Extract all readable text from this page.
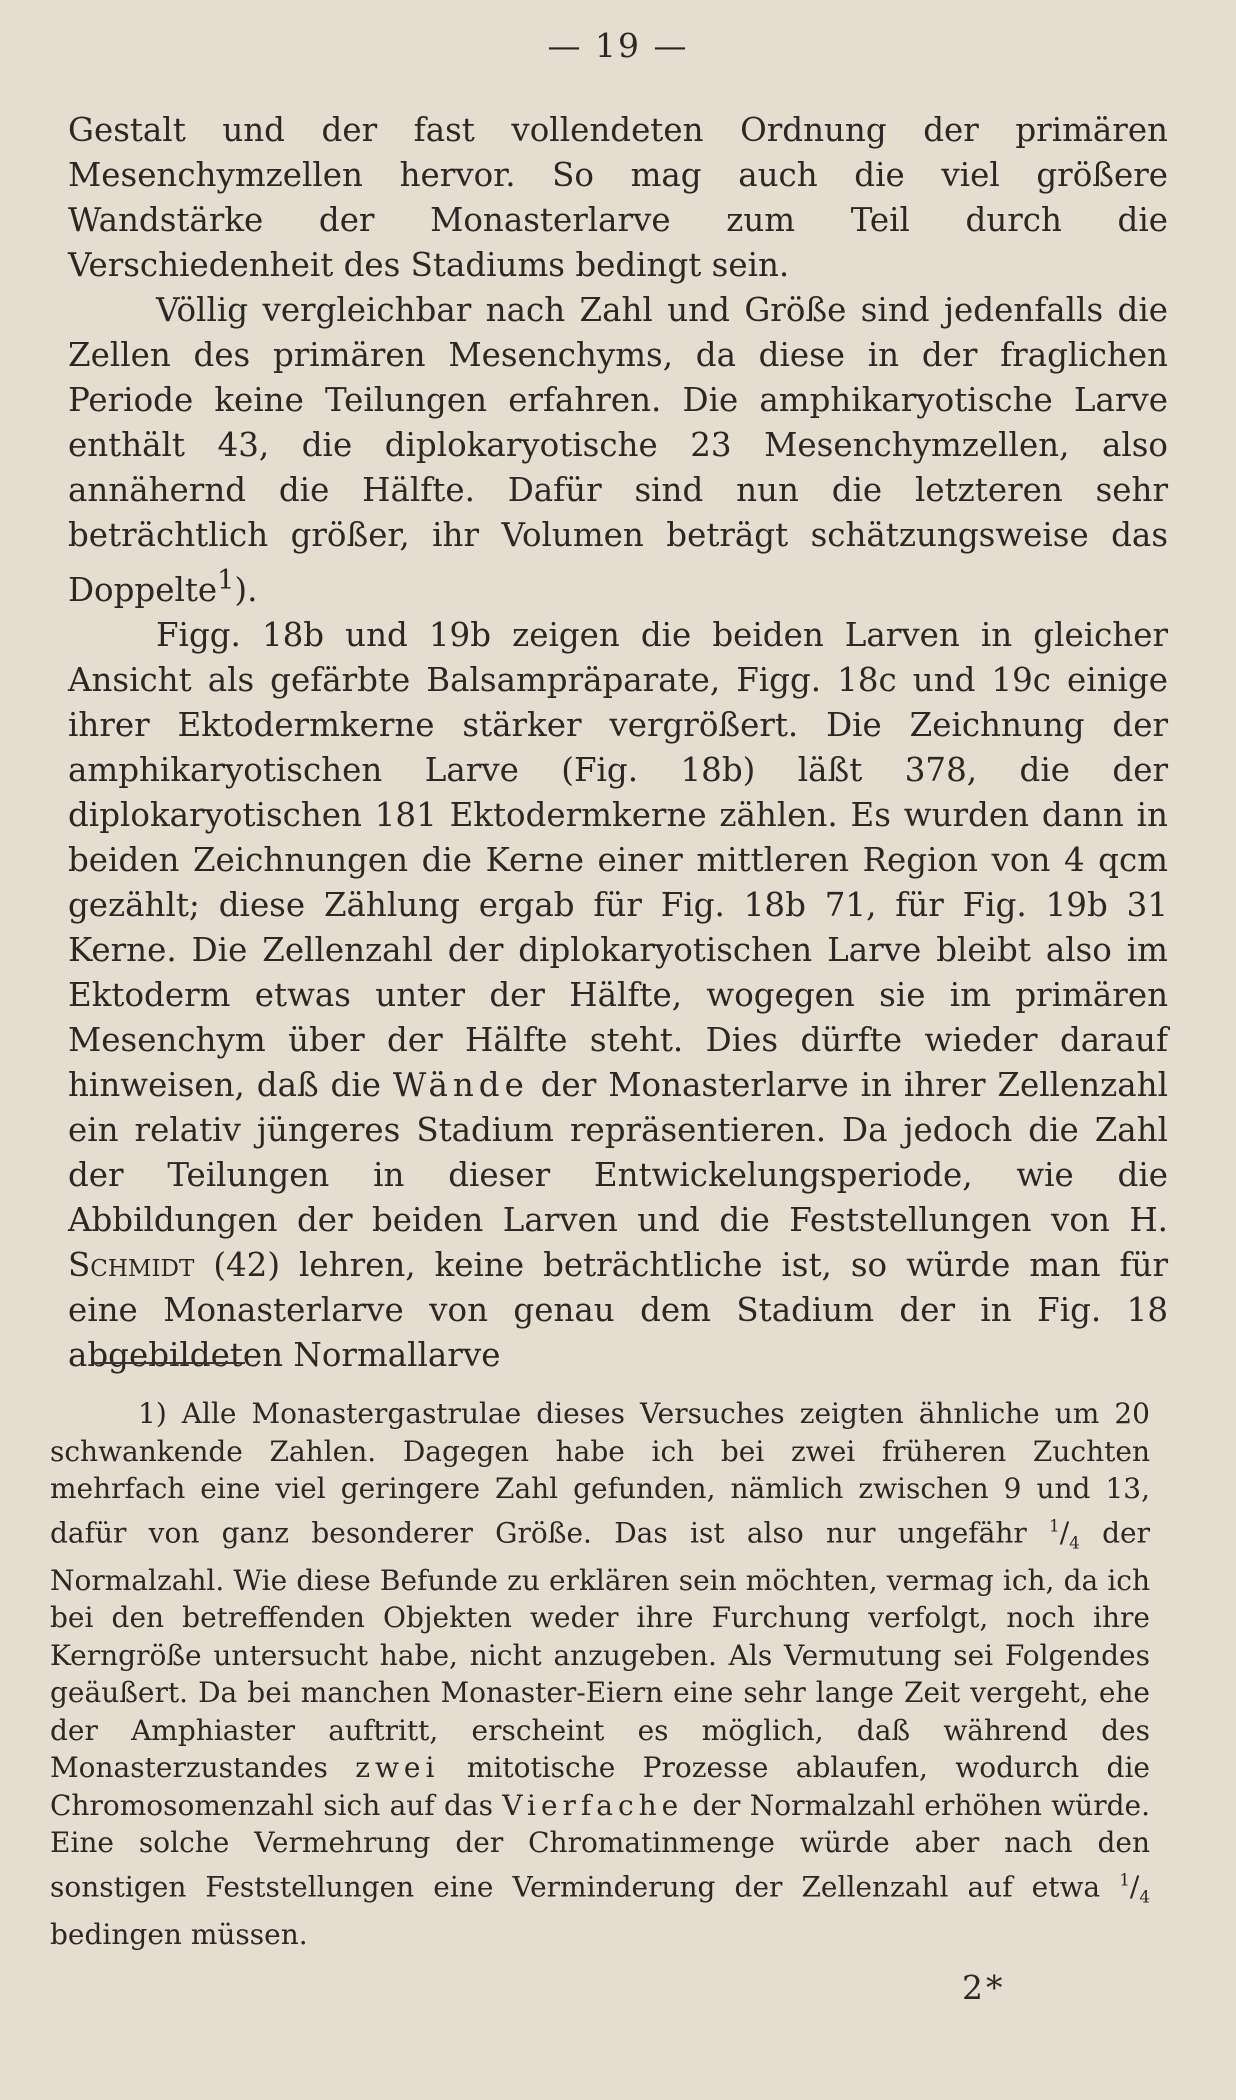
— 19 —

Gestalt und der fast vollendeten Ordnung der primären Mesenchymzellen hervor. So mag auch die viel größere Wandstärke der Monasterlarve zum Teil durch die Verschiedenheit des Stadiums bedingt sein.

Völlig vergleichbar nach Zahl und Größe sind jedenfalls die Zellen des primären Mesenchyms, da diese in der fraglichen Periode keine Teilungen erfahren. Die amphikaryotische Larve enthält 43, die diplokaryotische 23 Mesenchymzellen, also annähernd die Hälfte. Dafür sind nun die letzteren sehr beträchtlich größer, ihr Volumen beträgt schätzungsweise das Doppelte$^1$).

Figg. 18b und 19b zeigen die beiden Larven in gleicher Ansicht als gefärbte Balsampräparate, Figg. 18c und 19c einige ihrer Ektodermkerne stärker vergrößert. Die Zeichnung der amphikaryotischen Larve (Fig. 18b) läßt 378, die der diplokaryotischen 181 Ektodermkerne zählen. Es wurden dann in beiden Zeichnungen die Kerne einer mittleren Region von 4 qcm gezählt; diese Zählung ergab für Fig. 18b 71, für Fig. 19b 31 Kerne. Die Zellenzahl der diplokaryotischen Larve bleibt also im Ektoderm etwas unter der Hälfte, wogegen sie im primären Mesenchym über der Hälfte steht. Dies dürfte wieder darauf hinweisen, daß die Wände der Monasterlarve in ihrer Zellenzahl ein relativ jüngeres Stadium repräsentieren. Da jedoch die Zahl der Teilungen in dieser Entwickelungsperiode, wie die Abbildungen der beiden Larven und die Feststellungen von H. Schmidt (42) lehren, keine beträchtliche ist, so würde man für eine Monasterlarve von genau dem Stadium der in Fig. 18 abgebildeten Normallarve

1) Alle Monastergastrulae dieses Versuches zeigten ähnliche um 20 schwankende Zahlen. Dagegen habe ich bei zwei früheren Zuchten mehrfach eine viel geringere Zahl gefunden, nämlich zwischen 9 und 13, dafür von ganz besonderer Größe. Das ist also nur ungefähr $^1/_4$ der Normalzahl. Wie diese Befunde zu erklären sein möchten, vermag ich, da ich bei den betreffenden Objekten weder ihre Furchung verfolgt, noch ihre Kerngröße untersucht habe, nicht anzugeben. Als Vermutung sei Folgendes geäußert. Da bei manchen Monaster-Eiern eine sehr lange Zeit vergeht, ehe der Amphiaster auftritt, erscheint es möglich, daß während des Monasterzustandes zwei mitotische Prozesse ablaufen, wodurch die Chromosomenzahl sich auf das Vierfache der Normalzahl erhöhen würde. Eine solche Vermehrung der Chromatinmenge würde aber nach den sonstigen Feststellungen eine Verminderung der Zellenzahl auf etwa $^1/_4$ bedingen müssen.

2*
